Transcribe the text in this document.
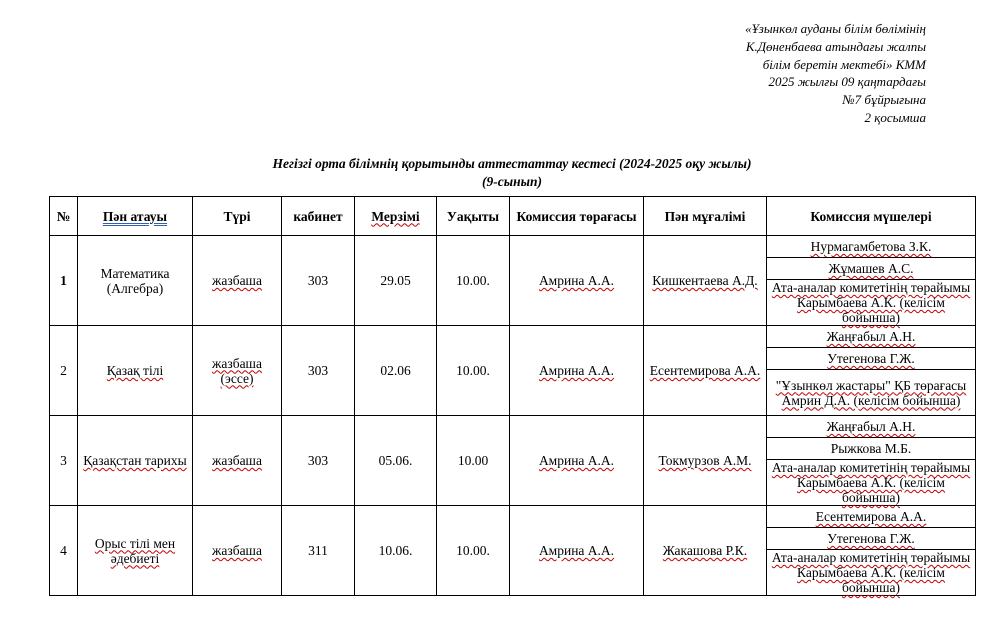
«Ұзынкөл ауданы білім бөлімінің
К.Дөненбаева атындағы жалпы
білім беретін мектебі» КММ
2025 жылғы 09 қаңтардағы
№7 бұйрығына
2 қосымша
Негізгі орта білімнің қорытынды аттестаттау кестесі (2024-2025 оқу жылы)
(9-сынып)
№	Пән атауы	Түрі	кабинет	Мерзімі	Уақыты	Комиссия төрағасы	Пән мұғалімі	Комиссия мүшелері
1	Математика (Алгебра)	жазбаша	303	29.05	10.00.	Амрина А.А.	Кишкентаева А.Д.	Нурмагамбетова З.К.
								Жұмашев А.С.
								Ата-аналар комитетінің төрайымы Карымбаева А.К. (келісім бойынша)
2	Қазақ тілі	жазбаша (эссе)	303	02.06	10.00.	Амрина А.А.	Есентемирова А.А.	Жаңғабыл А.Н.
								Утегенова Г.Ж.
								"Ұзынкөл жастары" ҚБ төрағасы Амрин Д.А. (келісім бойынша)
3	Қазақстан тарихы	жазбаша	303	05.06.	10.00	Амрина А.А.	Токмурзов А.М.	Жаңғабыл А.Н.
								Рыжкова М.Б.
								Ата-аналар комитетінің төрайымы Карымбаева А.К. (келісім бойынша)
4	Орыс тілі мен әдебиеті	жазбаша	311	10.06.	10.00.	Амрина А.А.	Жакашова Р.К.	Есентемирова А.А.
								Утегенова Г.Ж.
								Ата-аналар комитетінің төрайымы Карымбаева А.К. (келісім бойынша)
